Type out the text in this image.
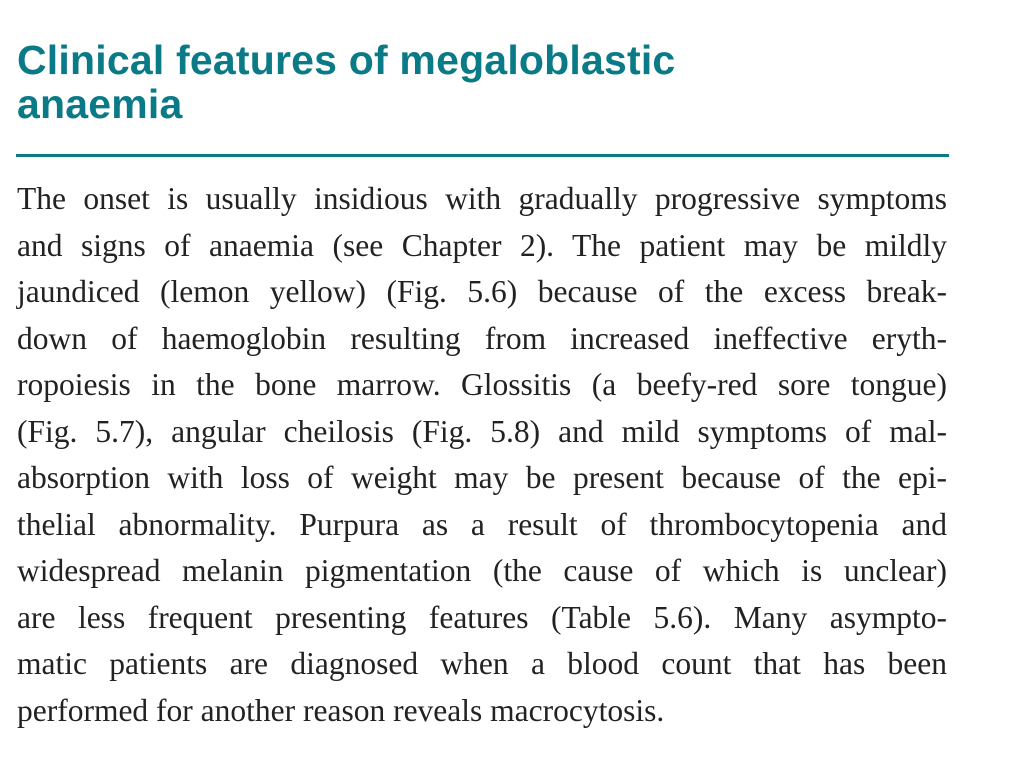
Clinical features of megaloblastic
anaemia
The onset is usually insidious with gradually progressive symptoms
and signs of anaemia (see Chapter 2). The patient may be mildly
jaundiced (lemon yellow) (Fig. 5.6) because of the excess break-
down of haemoglobin resulting from increased ineffective eryth-
ropoiesis in the bone marrow. Glossitis (a beefy-red sore tongue)
(Fig. 5.7), angular cheilosis (Fig. 5.8) and mild symptoms of mal-
absorption with loss of weight may be present because of the epi-
thelial abnormality. Purpura as a result of thrombocytopenia and
widespread melanin pigmentation (the cause of which is unclear)
are less frequent presenting features (Table 5.6). Many asympto-
matic patients are diagnosed when a blood count that has been
performed for another reason reveals macrocytosis.
